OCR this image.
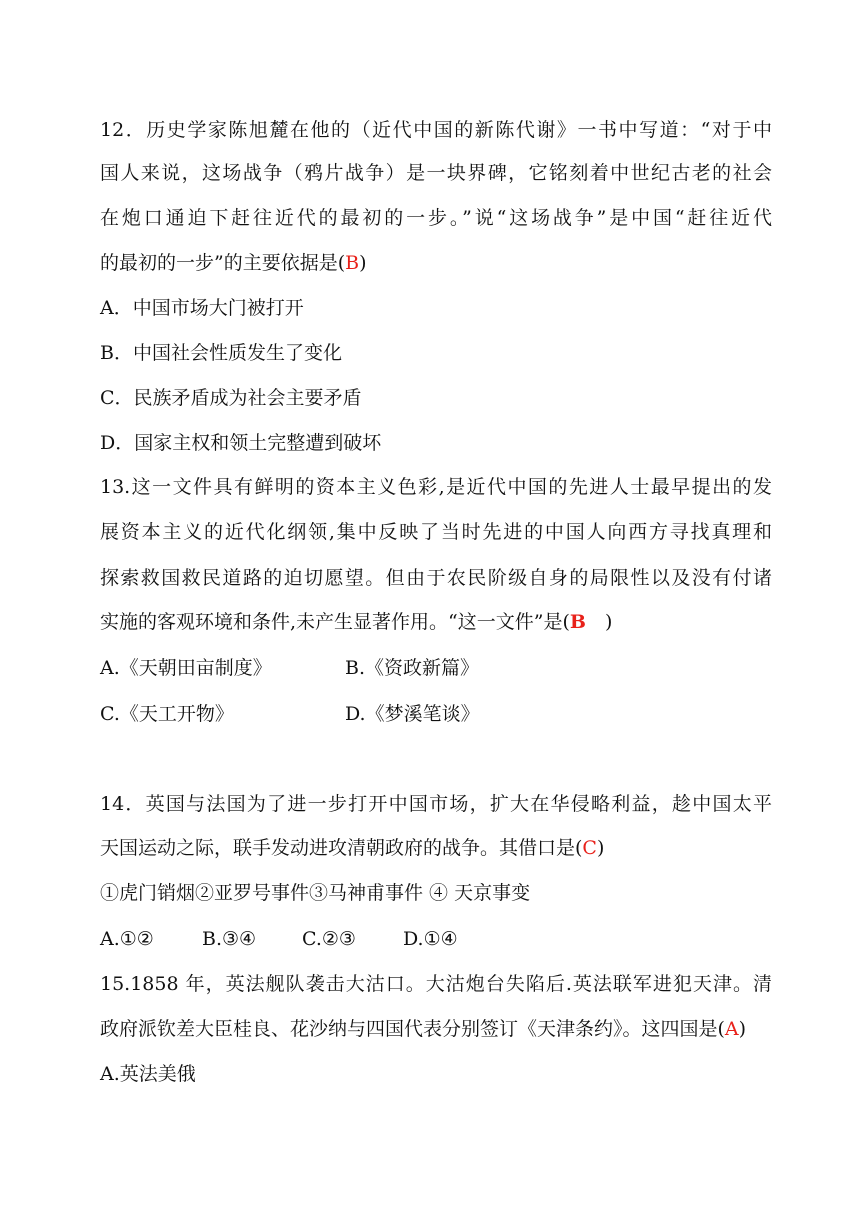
12．历史学家陈旭麓在他的（近代中国的新陈代谢》一书中写道：“对于中
国人来说，这场战争（鸦片战争）是一块界碑，它铭刻着中世纪古老的社会
在炮口通迫下赶往近代的最初的一步。”说“这场战争”是中国“赶往近代
的最初的一步”的主要依据是(B)
A．中国市场大门被打开
B．中国社会性质发生了变化
C．民族矛盾成为社会主要矛盾
D．国家主权和领土完整遭到破坏
13.这一文件具有鲜明的资本主义色彩,是近代中国的先进人士最早提出的发
展资本主义的近代化纲领,集中反映了当时先进的中国人向西方寻找真理和
探索救国救民道路的迫切愿望。但由于农民阶级自身的局限性以及没有付诸
实施的客观环境和条件,未产生显著作用。“这一文件”是(B　)
A.《天朝田亩制度》	B.《资政新篇》
C.《天工开物》	D.《梦溪笔谈》
14．英国与法国为了进一步打开中国市场，扩大在华侵略利益，趁中国太平
天国运动之际，联手发动进攻清朝政府的战争。其借口是(C)
①虎门销烟②亚罗号事件③马神甫事件 ④ 天京事变
A.①②	B.③④ C.②③ D.①④
15.1858 年，英法舰队袭击大沽口。大沽炮台失陷后.英法联军进犯天津。清
政府派钦差大臣桂良、花沙纳与四国代表分别签订《天津条约》。这四国是(A)
A.英法美俄
